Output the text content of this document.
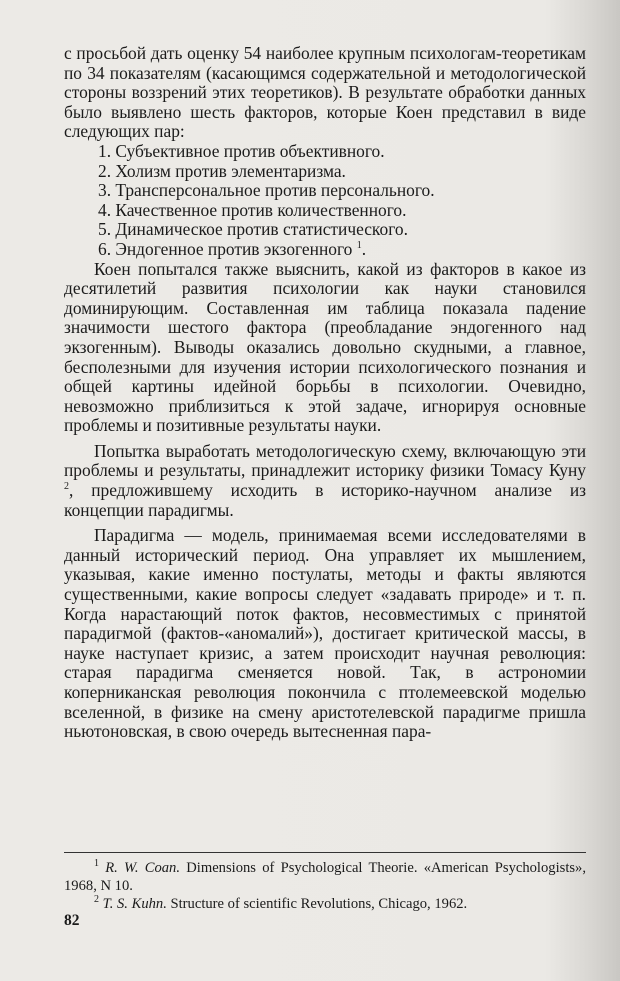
с просьбой дать оценку 54 наиболее крупным психологам-теоретикам по 34 показателям (касающимся содержательной и методологической стороны воззрений этих теоретиков). В результате обработки данных было выявлено шесть факторов, которые Коен представил в виде следующих пар:

1. Субъективное против объективного.
2. Холизм против элементаризма.
3. Трансперсональное против персонального.
4. Качественное против количественного.
5. Динамическое против статистического.
6. Эндогенное против экзогенного $^1$.

Коен попытался также выяснить, какой из факторов в какое из десятилетий развития психологии как науки становился доминирующим. Составленная им таблица показала падение значимости шестого фактора (преобладание эндогенного над экзогенным). Выводы оказались довольно скудными, а главное, бесполезными для изучения истории психологического познания и общей картины идейной борьбы в психологии. Очевидно, невозможно приблизиться к этой задаче, игнорируя основные проблемы и позитивные результаты науки.

Попытка выработать методологическую схему, включающую эти проблемы и результаты, принадлежит историку физики Томасу Куну $^2$, предложившему исходить в историко-научном анализе из концепции парадигмы.

Парадигма — модель, принимаемая всеми исследователями в данный исторический период. Она управляет их мышлением, указывая, какие именно постулаты, методы и факты являются существенными, какие вопросы следует «задавать природе» и т. п. Когда нарастающий поток фактов, несовместимых с принятой парадигмой (фактов-«аномалий»), достигает критической массы, в науке наступает кризис, а затем происходит научная революция: старая парадигма сменяется новой. Так, в астрономии коперниканская революция покончила с птолемеевской моделью вселенной, в физике на смену аристотелевской парадигме пришла ньютоновская, в свою очередь вытесненная пара-

$^1$ R. W. Coan. Dimensions of Psychological Theorie. «American Psychologists», 1968, N 10.

$^2$ T. S. Kuhn. Structure of scientific Revolutions, Chicago, 1962.

82
